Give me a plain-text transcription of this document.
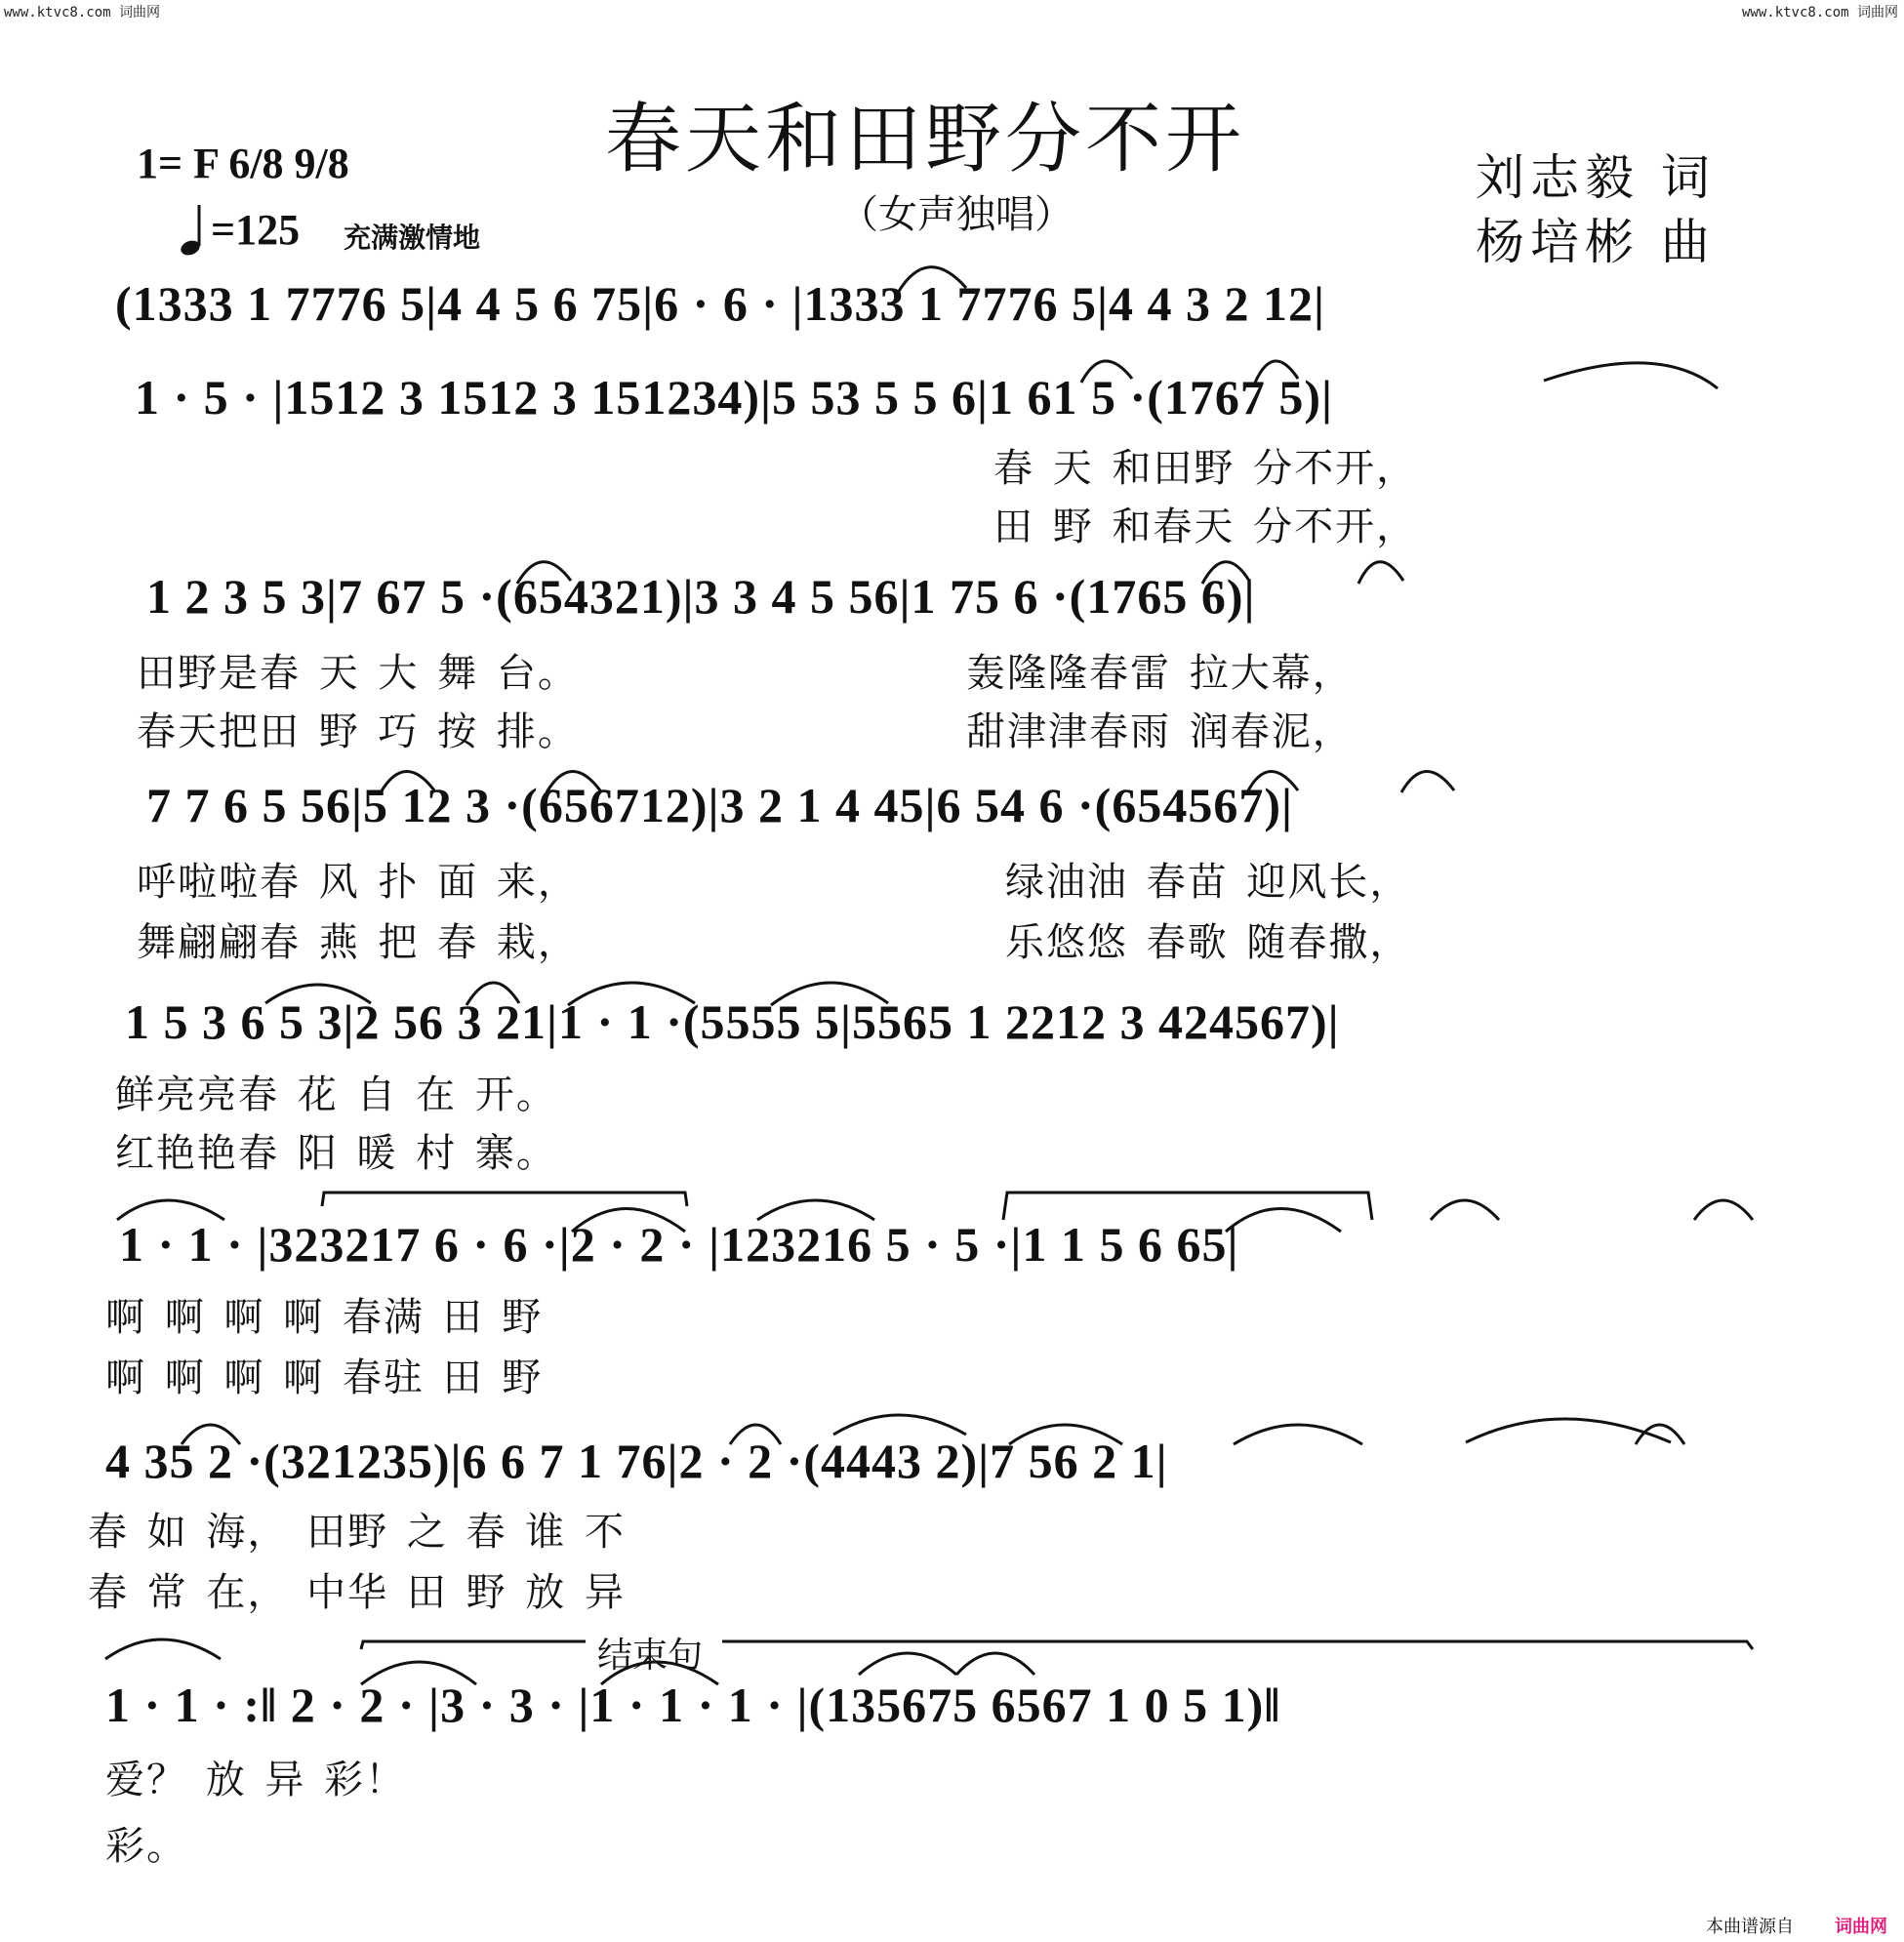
www.ktvc8.com 词曲网	www.ktvc8.com 词曲网
春天和田野分不开
（女声独唱）
1= F 6/8 9/8
=125 充满激情地
刘志毅 词
杨培彬 曲
(1333 1 7776 5|4 4 5 6 75|6 · 6 · |1333 1 7776 5|4 4 3 2 12|
1 · 5 · |1512 3 1512 3 151234)|5 53 5 5 6|1 61 5 ·(1767 5)|
春 天 和田野 分不开，
田 野 和春天 分不开，
1 2 3 5 3|7 67 5 ·(654321)|3 3 4 5 56|1 75 6 ·(1765 6)|
田野是春 天 大 舞 台。	轰隆隆春雷 拉大幕，
春天把田 野 巧 按 排。	甜津津春雨 润春泥，
7 7 6 5 56|5 12 3 ·(656712)|3 2 1 4 45|6 54 6 ·(654567)|
呼啦啦春 风 扑 面 来，	绿油油 春苗 迎风长，
舞翩翩春 燕 把 春 栽，	乐悠悠 春歌 随春撒，
1 5 3 6 5 3|2 56 3 21|1 · 1 ·(5555 5|5565 1 2212 3 424567)|
鲜亮亮春 花 自 在 开。
红艳艳春 阳 暖 村 寨。
1 · 1 · |323217 6 · 6 ·|2 · 2 · |123216 5 · 5 ·|1 1 5 6 65|
啊 啊 啊 啊 春满 田 野
啊 啊 啊 啊 春驻 田 野
4 35 2 ·(321235)|6 6 7 1 76|2 · 2 ·(4443 2)|7 56 2 1|
春 如 海， 田野 之 春 谁 不
春 常 在， 中华 田 野 放 异
结束句
1 · 1 · :‖ 2 · 2 · |3 · 3 · |1 · 1 · 1 · |(135675 6567 1 0 5 1)‖
爱？ 放 异 彩！
彩。
本曲谱源自 词曲网
